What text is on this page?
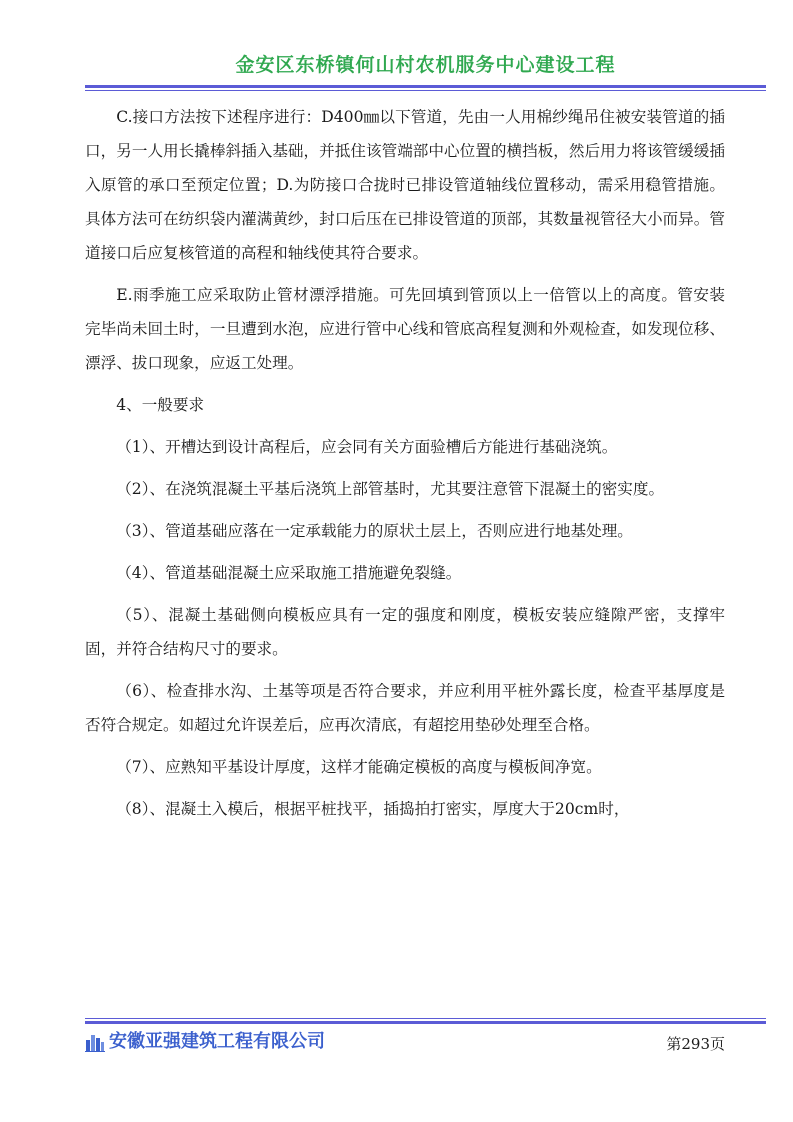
金安区东桥镇何山村农机服务中心建设工程

C.接口方法按下述程序进行：D400㎜以下管道，先由一人用棉纱绳吊住被安装管道的插口，另一人用长撬棒斜插入基础，并抵住该管端部中心位置的横挡板，然后用力将该管缓缓插入原管的承口至预定位置；D.为防接口合拢时已排设管道轴线位置移动，需采用稳管措施。具体方法可在纺织袋内灌满黄纱，封口后压在已排设管道的顶部，其数量视管径大小而异。管道接口后应复核管道的高程和轴线使其符合要求。

E.雨季施工应采取防止管材漂浮措施。可先回填到管顶以上一倍管以上的高度。管安装完毕尚未回土时，一旦遭到水泡，应进行管中心线和管底高程复测和外观检查，如发现位移、漂浮、拔口现象，应返工处理。

4、一般要求

（1）、开槽达到设计高程后，应会同有关方面验槽后方能进行基础浇筑。

（2）、在浇筑混凝土平基后浇筑上部管基时，尤其要注意管下混凝土的密实度。

（3）、管道基础应落在一定承载能力的原状土层上，否则应进行地基处理。

（4）、管道基础混凝土应采取施工措施避免裂缝。

（5）、混凝土基础侧向模板应具有一定的强度和刚度，模板安装应缝隙严密，支撑牢固，并符合结构尺寸的要求。

（6）、检查排水沟、土基等项是否符合要求，并应利用平桩外露长度，检查平基厚度是否符合规定。如超过允许误差后，应再次清底，有超挖用垫砂处理至合格。

（7）、应熟知平基设计厚度，这样才能确定模板的高度与模板间净宽。

（8）、混凝土入模后，根据平桩找平，插捣拍打密实，厚度大于20cm时，

安徽亚强建筑工程有限公司	第293页
